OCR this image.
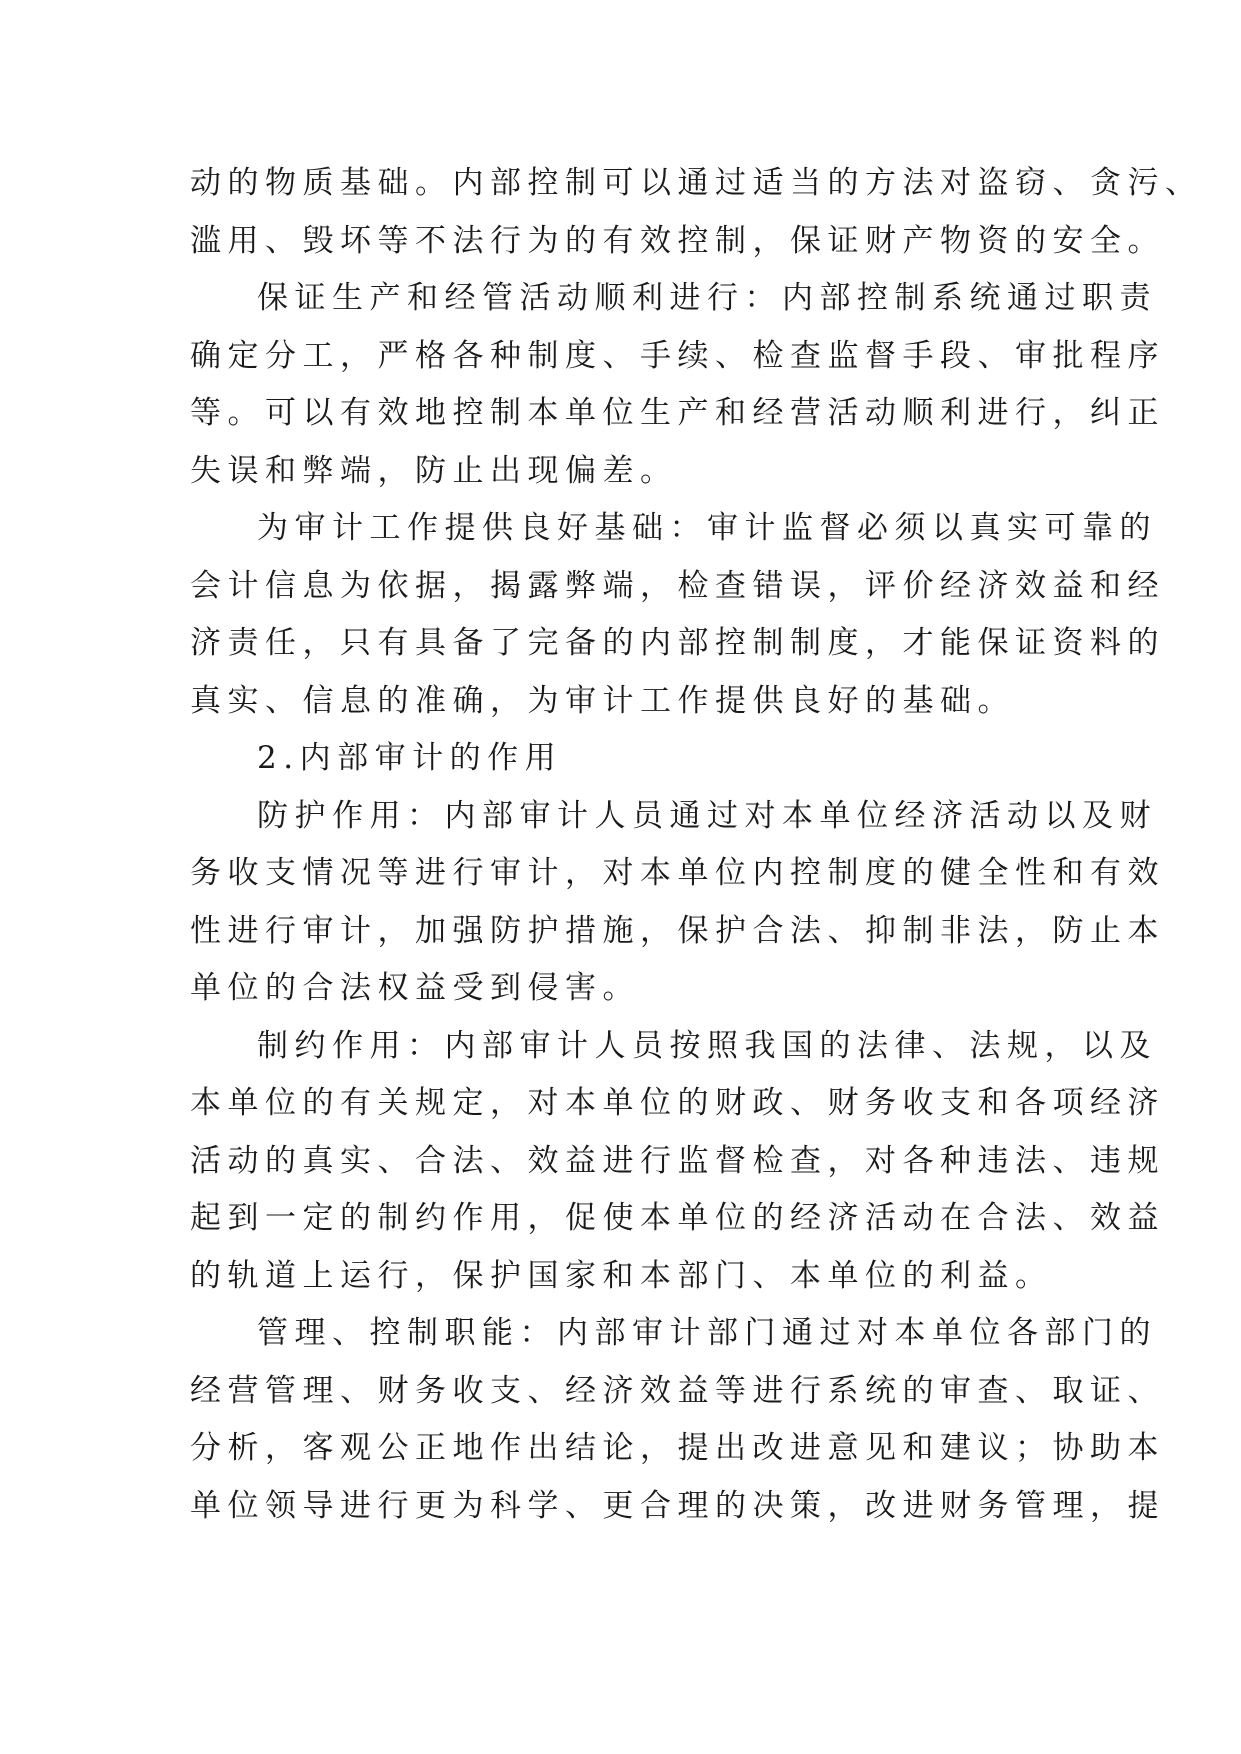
动的物质基础。内部控制可以通过适当的方法对盗窃、贪污、
滥用、毁坏等不法行为的有效控制，保证财产物资的安全。
保证生产和经管活动顺利进行：内部控制系统通过职责
确定分工，严格各种制度、手续、检查监督手段、审批程序
等。可以有效地控制本单位生产和经营活动顺利进行，纠正
失误和弊端，防止出现偏差。
为审计工作提供良好基础：审计监督必须以真实可靠的
会计信息为依据，揭露弊端，检查错误，评价经济效益和经
济责任，只有具备了完备的内部控制制度，才能保证资料的
真实、信息的准确，为审计工作提供良好的基础。
2.内部审计的作用
防护作用：内部审计人员通过对本单位经济活动以及财
务收支情况等进行审计，对本单位内控制度的健全性和有效
性进行审计，加强防护措施，保护合法、抑制非法，防止本
单位的合法权益受到侵害。
制约作用：内部审计人员按照我国的法律、法规，以及
本单位的有关规定，对本单位的财政、财务收支和各项经济
活动的真实、合法、效益进行监督检查，对各种违法、违规
起到一定的制约作用，促使本单位的经济活动在合法、效益
的轨道上运行，保护国家和本部门、本单位的利益。
管理、控制职能：内部审计部门通过对本单位各部门的
经营管理、财务收支、经济效益等进行系统的审查、取证、
分析，客观公正地作出结论，提出改进意见和建议；协助本
单位领导进行更为科学、更合理的决策，改进财务管理，提
